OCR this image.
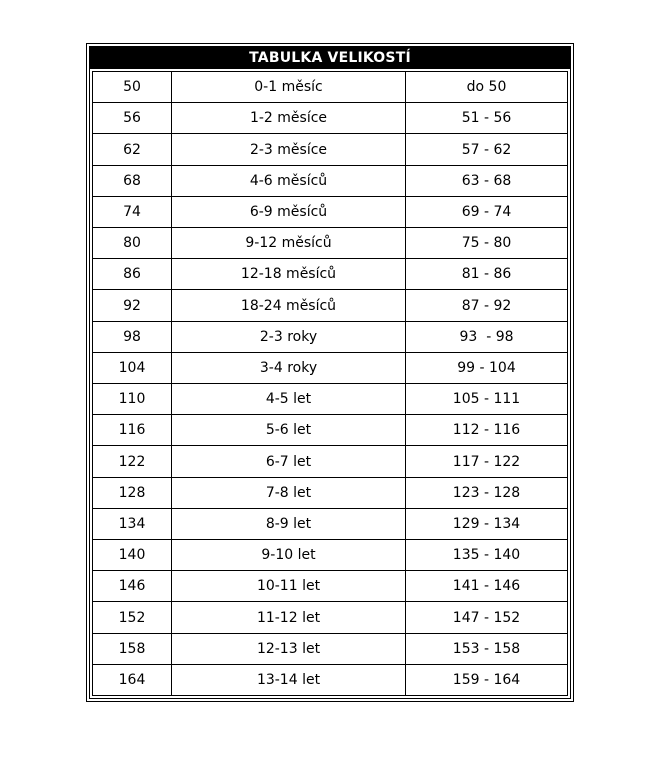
TABULKA VELIKOSTÍ
50	0-1 měsíc	do 50
56	1-2 měsíce	51 - 56
62	2-3 měsíce	57 - 62
68	4-6 měsíců	63 - 68
74	6-9 měsíců	69 - 74
80	9-12 měsíců	75 - 80
86	12-18 měsíců	81 - 86
92	18-24 měsíců	87 - 92
98	2-3 roky	93  - 98
104	3-4 roky	99 - 104
110	4-5 let	105 - 111
116	5-6 let	112 - 116
122	6-7 let	117 - 122
128	7-8 let	123 - 128
134	8-9 let	129 - 134
140	9-10 let	135 - 140
146	10-11 let	141 - 146
152	11-12 let	147 - 152
158	12-13 let	153 - 158
164	13-14 let	159 - 164
